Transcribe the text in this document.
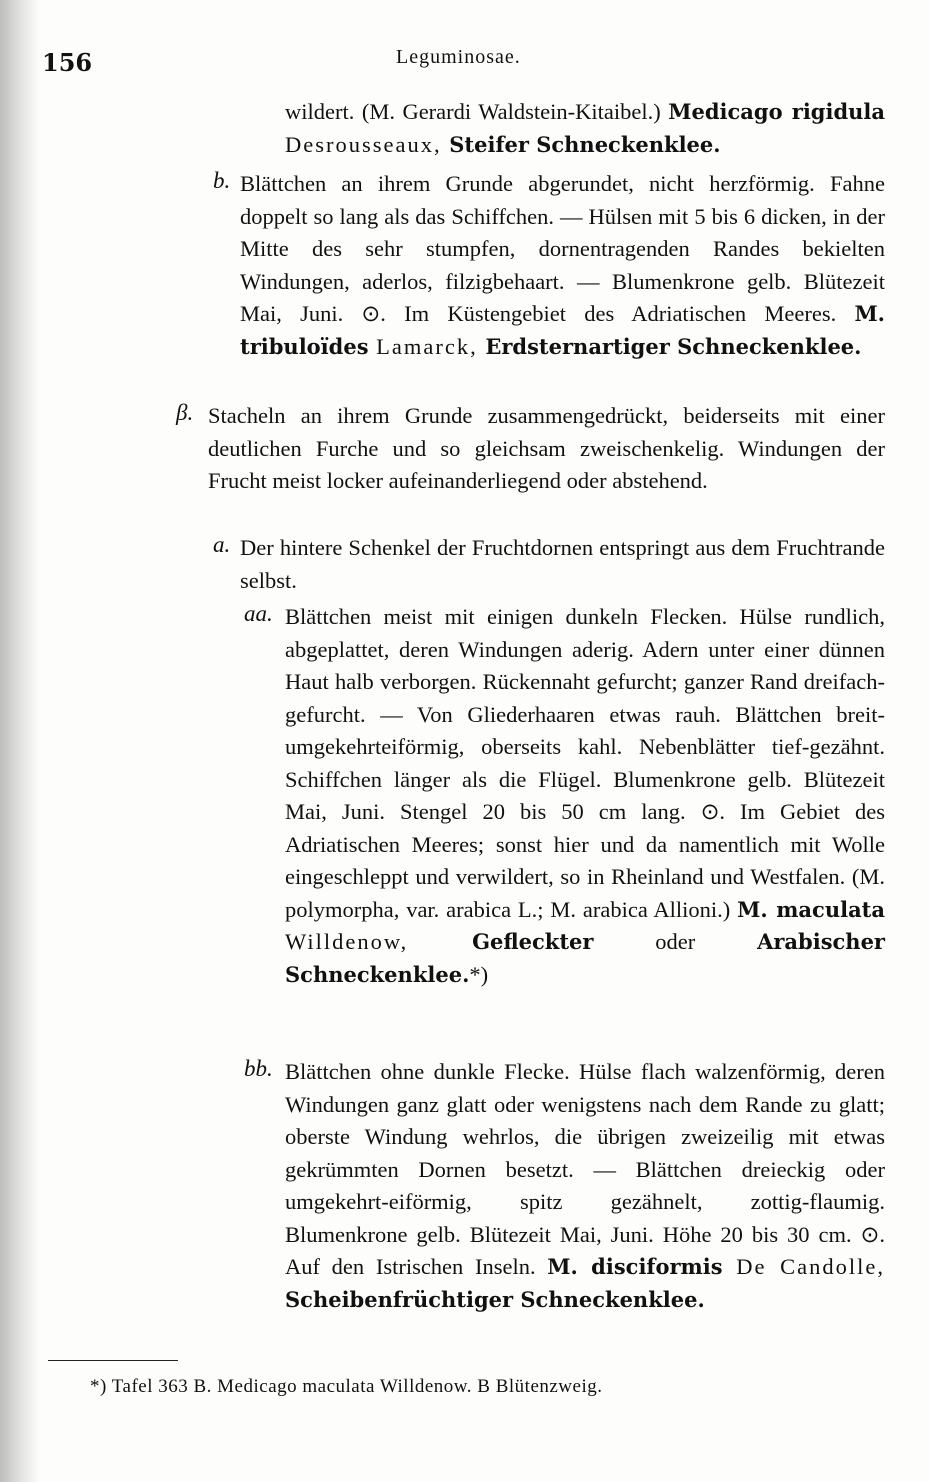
156	Leguminosae.
wildert. (M. Gerardi Waldstein-Kitaibel.) Medicago rigidula Desrousseaux, Steifer Schneckenklee.
b. Blättchen an ihrem Grunde abgerundet, nicht herzförmig. Fahne doppelt so lang als das Schiffchen. — Hülsen mit 5 bis 6 dicken, in der Mitte des sehr stumpfen, dornentragenden Randes bekielten Windungen, aderlos, filzigbehaart. — Blumenkrone gelb. Blütezeit Mai, Juni. ⊙. Im Küstengebiet des Adriatischen Meeres. M. tribuloïdes Lamarck, Erdsternartiger Schneckenklee.
β. Stacheln an ihrem Grunde zusammengedrückt, beiderseits mit einer deutlichen Furche und so gleichsam zweischenkelig. Windungen der Frucht meist locker aufeinanderliegend oder abstehend.
a. Der hintere Schenkel der Fruchtdornen entspringt aus dem Fruchtrande selbst.
aa. Blättchen meist mit einigen dunkeln Flecken. Hülse rundlich, abgeplattet, deren Windungen aderig. Adern unter einer dünnen Haut halb verborgen. Rückennaht gefurcht; ganzer Rand dreifach-gefurcht. — Von Gliederhaaren etwas rauh. Blättchen breit-umgekehrteiförmig, oberseits kahl. Nebenblätter tief-gezähnt. Schiffchen länger als die Flügel. Blumenkrone gelb. Blütezeit Mai, Juni. Stengel 20 bis 50 cm lang. ⊙. Im Gebiet des Adriatischen Meeres; sonst hier und da namentlich mit Wolle eingeschleppt und verwildert, so in Rheinland und Westfalen. (M. polymorpha, var. arabica L.; M. arabica Allioni.) M. maculata Willdenow, Gefleckter oder Arabischer Schneckenklee.*)
bb. Blättchen ohne dunkle Flecke. Hülse flach walzenförmig, deren Windungen ganz glatt oder wenigstens nach dem Rande zu glatt; oberste Windung wehrlos, die übrigen zweizeilig mit etwas gekrümmten Dornen besetzt. — Blättchen dreieckig oder umgekehrt-eiförmig, spitz gezähnelt, zottig-flaumig. Blumenkrone gelb. Blütezeit Mai, Juni. Höhe 20 bis 30 cm. ⊙. Auf den Istrischen Inseln. M. disciformis De Candolle, Scheibenfrüchtiger Schneckenklee.
*) Tafel 363 B. Medicago maculata Willdenow. B Blütenzweig.
